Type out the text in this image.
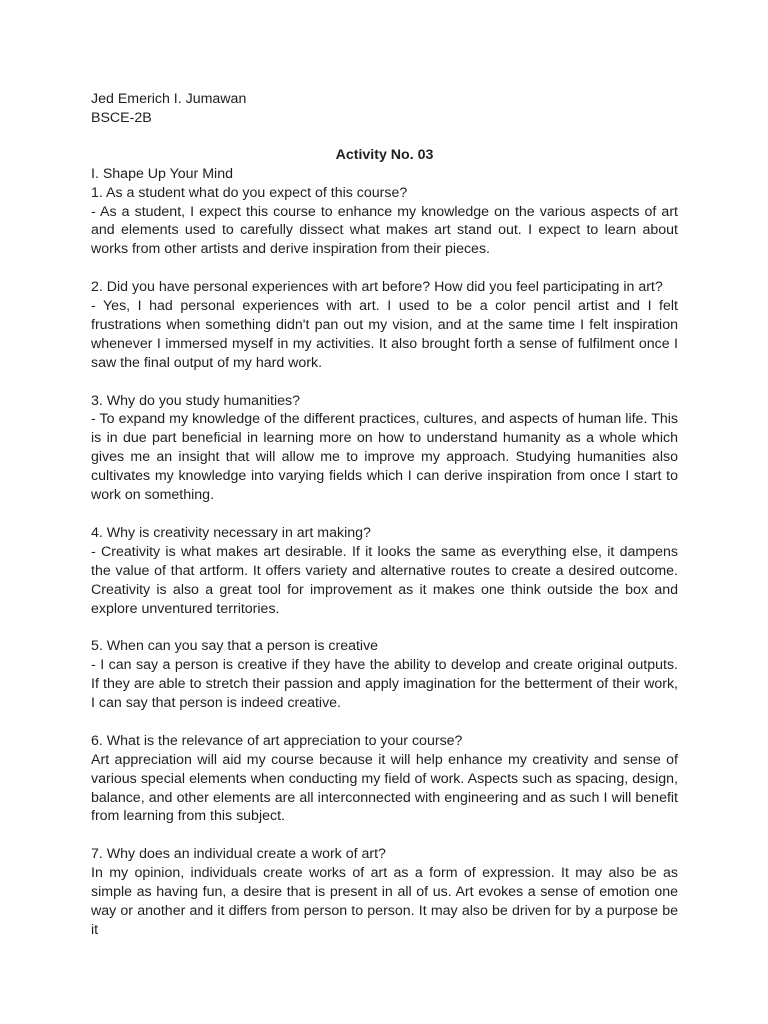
Jed Emerich I. Jumawan

BSCE-2B

Activity No. 03

I. Shape Up Your Mind

1. As a student what do you expect of this course?

- As a student, I expect this course to enhance my knowledge on the various aspects of art and elements used to carefully dissect what makes art stand out. I expect to learn about works from other artists and derive inspiration from their pieces.

2. Did you have personal experiences with art before? How did you feel participating in art?

- Yes, I had personal experiences with art. I used to be a color pencil artist and I felt frustrations when something didn't pan out my vision, and at the same time I felt inspiration whenever I immersed myself in my activities. It also brought forth a sense of fulfilment once I saw the final output of my hard work.

3. Why do you study humanities?

- To expand my knowledge of the different practices, cultures, and aspects of human life. This is in due part beneficial in learning more on how to understand humanity as a whole which gives me an insight that will allow me to improve my approach. Studying humanities also cultivates my knowledge into varying fields which I can derive inspiration from once I start to work on something.

4. Why is creativity necessary in art making?

- Creativity is what makes art desirable. If it looks the same as everything else, it dampens the value of that artform. It offers variety and alternative routes to create a desired outcome. Creativity is also a great tool for improvement as it makes one think outside the box and explore unventured territories.

5. When can you say that a person is creative

- I can say a person is creative if they have the ability to develop and create original outputs. If they are able to stretch their passion and apply imagination for the betterment of their work, I can say that person is indeed creative.

6. What is the relevance of art appreciation to your course?

Art appreciation will aid my course because it will help enhance my creativity and sense of various special elements when conducting my field of work. Aspects such as spacing, design, balance, and other elements are all interconnected with engineering and as such I will benefit from learning from this subject.

7. Why does an individual create a work of art?

In my opinion, individuals create works of art as a form of expression. It may also be as simple as having fun, a desire that is present in all of us. Art evokes a sense of emotion one way or another and it differs from person to person. It may also be driven for by a purpose be it
